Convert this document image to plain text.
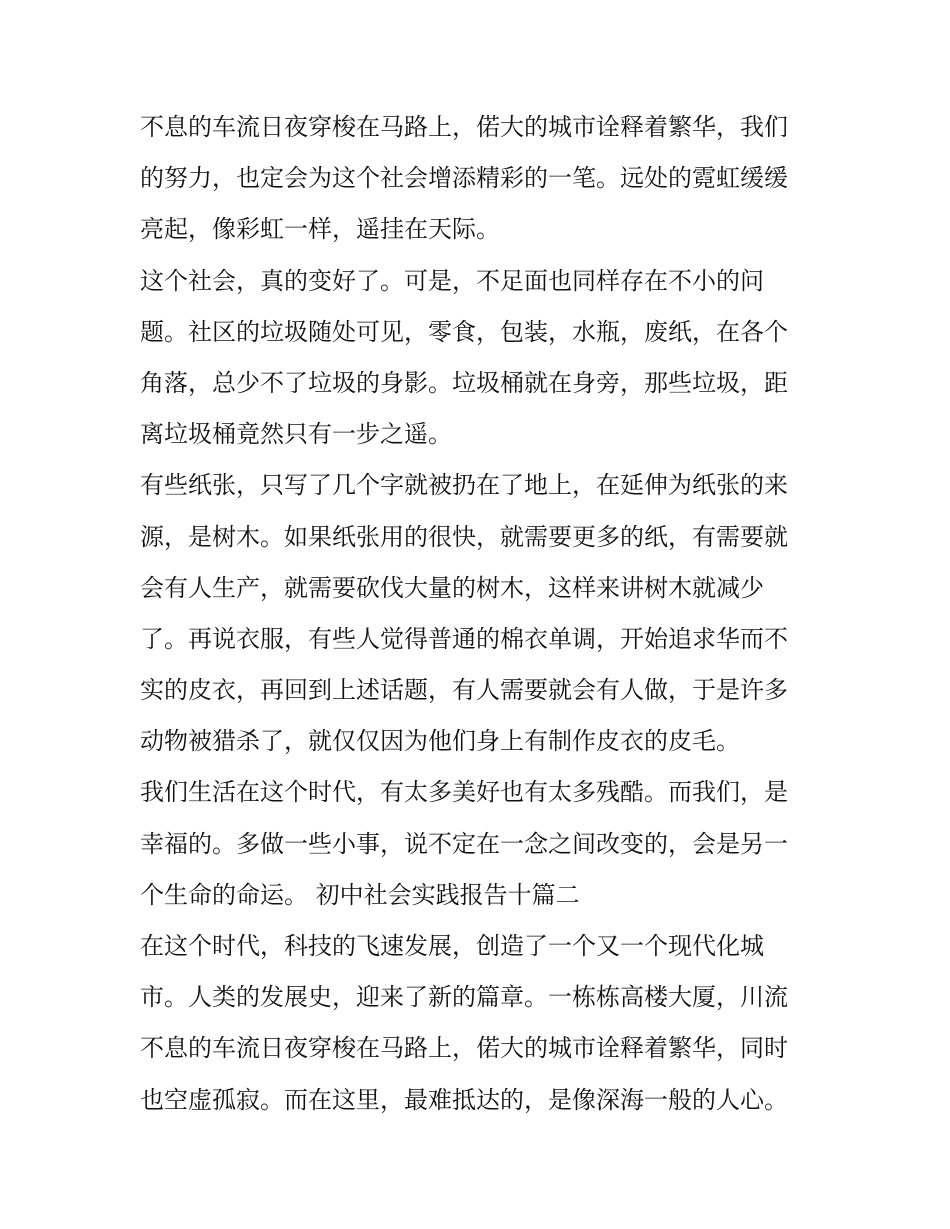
不息的车流日夜穿梭在马路上，偌大的城市诠释着繁华，我们
的努力，也定会为这个社会增添精彩的一笔。远处的霓虹缓缓
亮起，像彩虹一样，遥挂在天际。
这个社会，真的变好了。可是，不足面也同样存在不小的问
题。社区的垃圾随处可见，零食，包装，水瓶，废纸，在各个
角落，总少不了垃圾的身影。垃圾桶就在身旁，那些垃圾，距
离垃圾桶竟然只有一步之遥。
有些纸张，只写了几个字就被扔在了地上，在延伸为纸张的来
源，是树木。如果纸张用的很快，就需要更多的纸，有需要就
会有人生产，就需要砍伐大量的树木，这样来讲树木就减少
了。再说衣服，有些人觉得普通的棉衣单调，开始追求华而不
实的皮衣，再回到上述话题，有人需要就会有人做，于是许多
动物被猎杀了，就仅仅因为他们身上有制作皮衣的皮毛。
我们生活在这个时代，有太多美好也有太多残酷。而我们，是
幸福的。多做一些小事，说不定在一念之间改变的，会是另一
个生命的命运。 初中社会实践报告十篇二
在这个时代，科技的飞速发展，创造了一个又一个现代化城
市。人类的发展史，迎来了新的篇章。一栋栋高楼大厦，川流
不息的车流日夜穿梭在马路上，偌大的城市诠释着繁华，同时
也空虚孤寂。而在这里，最难抵达的，是像深海一般的人心。
